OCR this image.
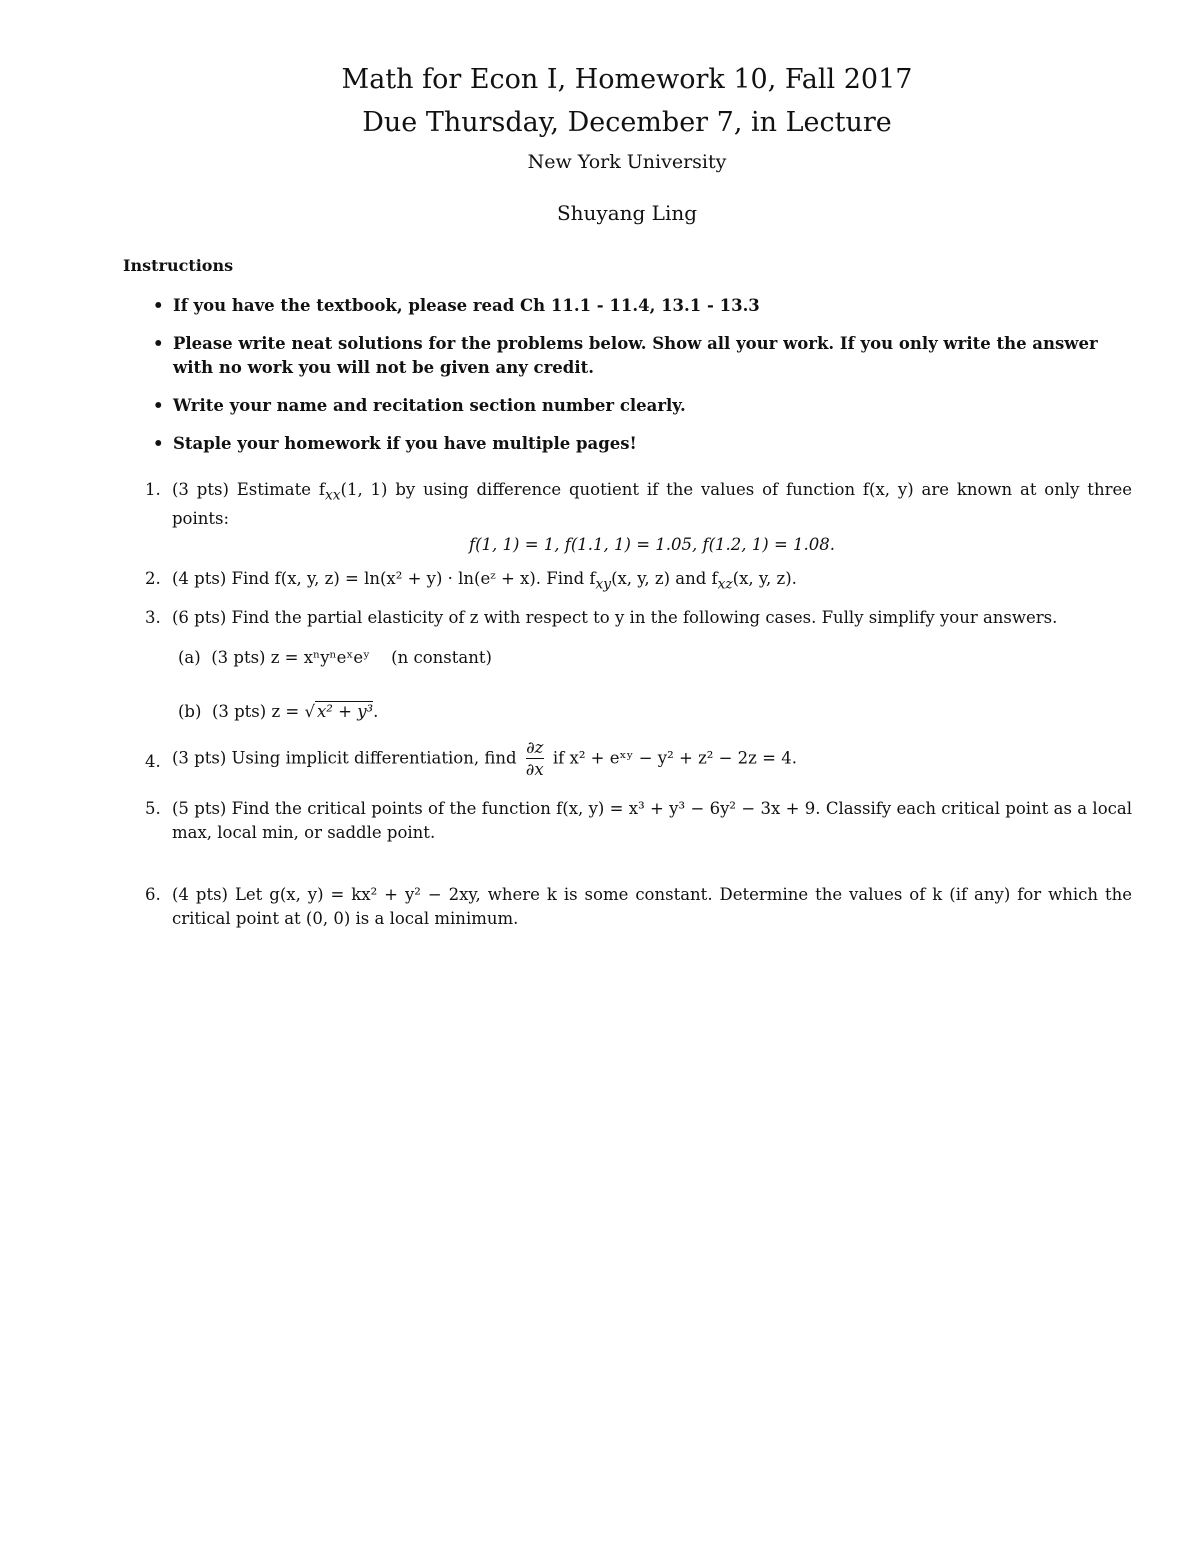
Math for Econ I, Homework 10, Fall 2017
Due Thursday, December 7, in Lecture
New York University
Shuyang Ling
Instructions
• If you have the textbook, please read Ch 11.1 - 11.4, 13.1 - 13.3
• Please write neat solutions for the problems below. Show all your work. If you only write the answer with no work you will not be given any credit.
• Write your name and recitation section number clearly.
• Staple your homework if you have multiple pages!
1. (3 pts) Estimate $f_{xx}(1$, 1) by using difference quotient if the values of function f(x, y) are known at only three points:
f(1, 1) = 1, f(1.1, 1) = 1.05, f(1.2, 1) = 1.08.
2. (4 pts) Find f(x, y, z) = ln(x² + y) · ln(eᶻ + x). Find $f_{xy}(x$, y, z) and $f_{xz}(x$, y, z).
3. (6 pts) Find the partial elasticity of z with respect to y in the following cases. Fully simplify your answers.
(a) (3 pts) z = xⁿyⁿeˣeʸ (n constant)
(b) (3 pts) z = √ x² + y³.
4. (3 pts) Using implicit differentiation, find $\frac{\partial z}{\partial x}$ if x² + eˣʸ − y² + z² − 2z = 4.
5. (5 pts) Find the critical points of the function f(x, y) = x³ + y³ − 6y² − 3x + 9. Classify each critical point as a local max, local min, or saddle point.
6. (4 pts) Let g(x, y) = kx² + y² − 2xy, where k is some constant. Determine the values of k (if any) for which the critical point at (0, 0) is a local minimum.
